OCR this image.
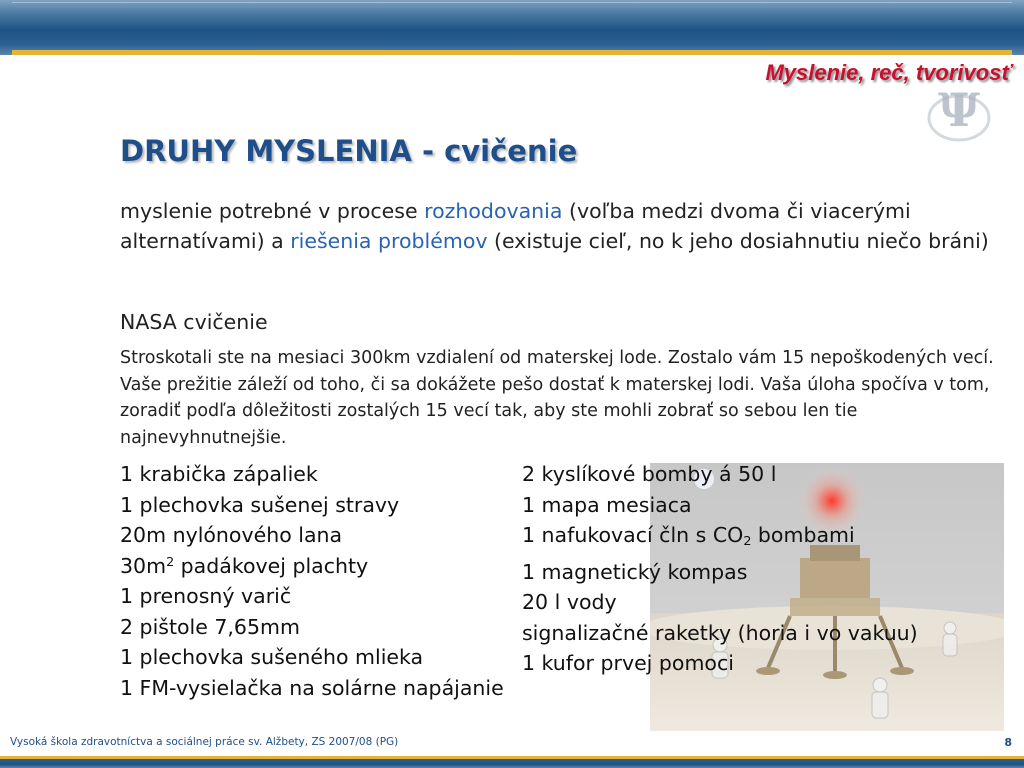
Myslenie, reč, tvorivosť
Ψ
DRUHY MYSLENIA - cvičenie
myslenie potrebné v procese rozhodovania (voľba medzi dvoma či viacerými alternatívami) a riešenia problémov (existuje cieľ, no k jeho dosiahnutiu niečo bráni)
NASA cvičenie
Stroskotali ste na mesiaci 300km vzdialení od materskej lode. Zostalo vám 15 nepoškodených vecí. Vaše prežitie záleží od toho, či sa dokážete pešo dostať k materskej lodi. Vaša úloha spočíva v tom, zoradiť podľa dôležitosti zostalých 15 vecí tak, aby ste mohli zobrať so sebou len tie najnevyhnutnejšie.
1 krabička zápaliek
1 plechovka sušenej stravy
20m nylónového lana
$30m^2$ padákovej plachty
1 prenosný varič
2 pištole 7,65mm
1 plechovka sušeného mlieka
1 FM-vysielačka na solárne napájanie
2 kyslíkové bomby á 50 l
1 mapa mesiaca
1 nafukovací čln s $CO_2$ bombami
1 magnetický kompas
20 l vody
signalizačné raketky (horia i vo vakuu)
1 kufor prvej pomoci
Vysoká škola zdravotníctva a sociálnej práce sv. Alžbety, ZS 2007/08 (PG)	8
